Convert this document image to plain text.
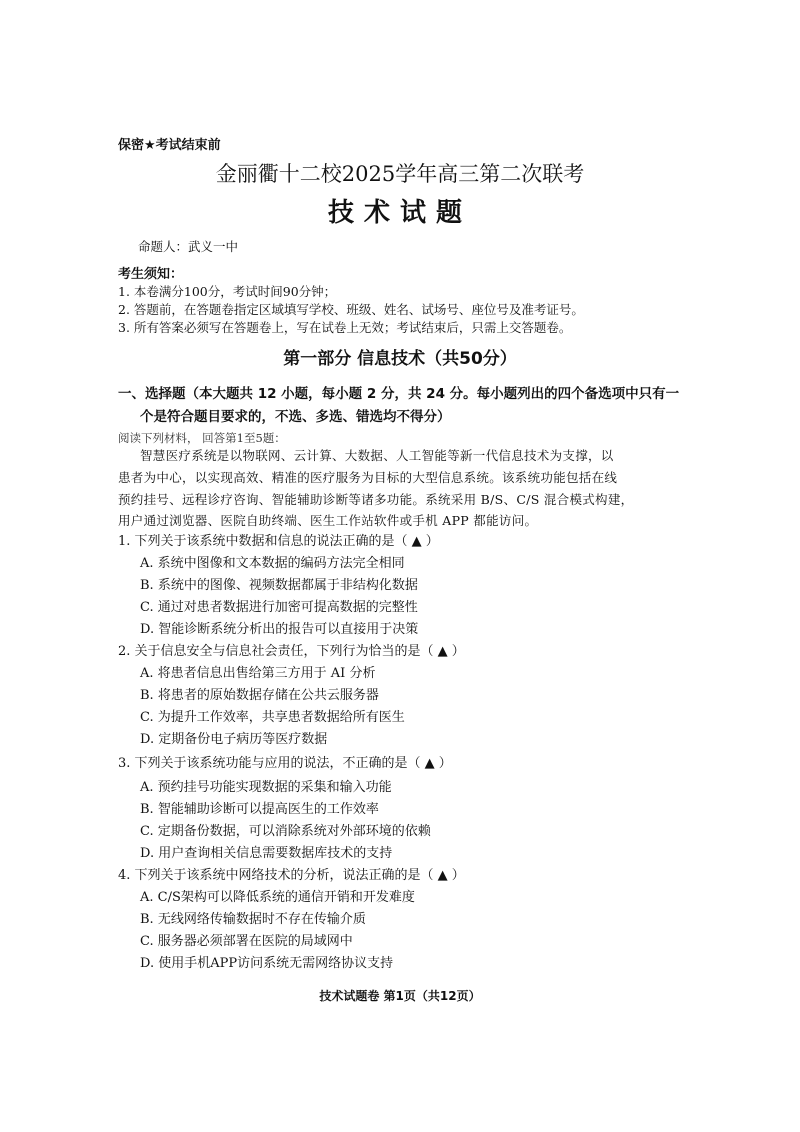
保密★考试结束前
金丽衢十二校2025学年高三第二次联考
技术试题
命题人：武义一中
考生须知：
1. 本卷满分100分，考试时间90分钟；
2. 答题前，在答题卷指定区域填写学校、班级、姓名、试场号、座位号及准考证号。
3. 所有答案必须写在答题卷上，写在试卷上无效；考试结束后，只需上交答题卷。
第一部分 信息技术（共50分）
一、选择题（本大题共 12 小题，每小题 2 分，共 24 分。每小题列出的四个备选项中只有一
个是符合题目要求的，不选、多选、错选均不得分）
阅读下列材料， 回答第1至5题：
智慧医疗系统是以物联网、云计算、大数据、人工智能等新一代信息技术为支撑，以
患者为中心，以实现高效、精准的医疗服务为目标的大型信息系统。该系统功能包括在线
预约挂号、远程诊疗咨询、智能辅助诊断等诸多功能。系统采用 B/S、C/S 混合模式构建，
用户通过浏览器、医院自助终端、医生工作站软件或手机 APP 都能访问。
1. 下列关于该系统中数据和信息的说法正确的是（ ▲ ）
A. 系统中图像和文本数据的编码方法完全相同
B. 系统中的图像、视频数据都属于非结构化数据
C. 通过对患者数据进行加密可提高数据的完整性
D. 智能诊断系统分析出的报告可以直接用于决策
2. 关于信息安全与信息社会责任，下列行为恰当的是（ ▲ ）
A. 将患者信息出售给第三方用于 AI 分析
B. 将患者的原始数据存储在公共云服务器
C. 为提升工作效率，共享患者数据给所有医生
D. 定期备份电子病历等医疗数据
3. 下列关于该系统功能与应用的说法，不正确的是（ ▲ ）
A. 预约挂号功能实现数据的采集和输入功能
B. 智能辅助诊断可以提高医生的工作效率
C. 定期备份数据，可以消除系统对外部环境的依赖
D. 用户查询相关信息需要数据库技术的支持
4. 下列关于该系统中网络技术的分析，说法正确的是（ ▲ ）
A. C/S架构可以降低系统的通信开销和开发难度
B. 无线网络传输数据时不存在传输介质
C. 服务器必须部署在医院的局域网中
D. 使用手机APP访问系统无需网络协议支持
技术试题卷 第1页（共12页）
